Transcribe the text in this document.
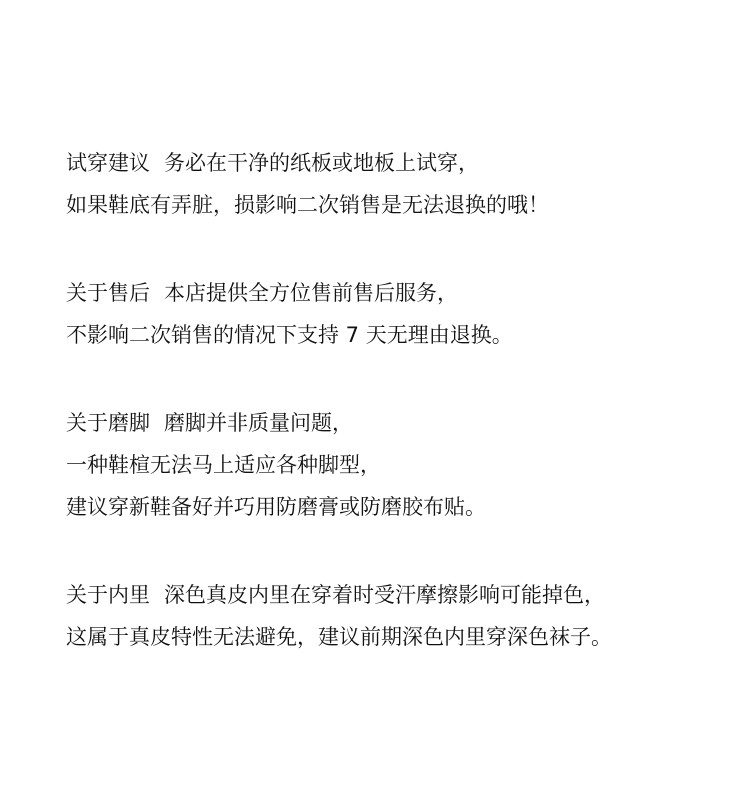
试穿建议 务必在干净的纸板或地板上试穿，
如果鞋底有弄脏，损影响二次销售是无法退换的哦！
关于售后 本店提供全方位售前售后服务，
不影响二次销售的情况下支持 7 天无理由退换。
关于磨脚 磨脚并非质量问题，
一种鞋楦无法马上适应各种脚型，
建议穿新鞋备好并巧用防磨膏或防磨胶布贴。
关于内里 深色真皮内里在穿着时受汗摩擦影响可能掉色，
这属于真皮特性无法避免，建议前期深色内里穿深色袜子。
